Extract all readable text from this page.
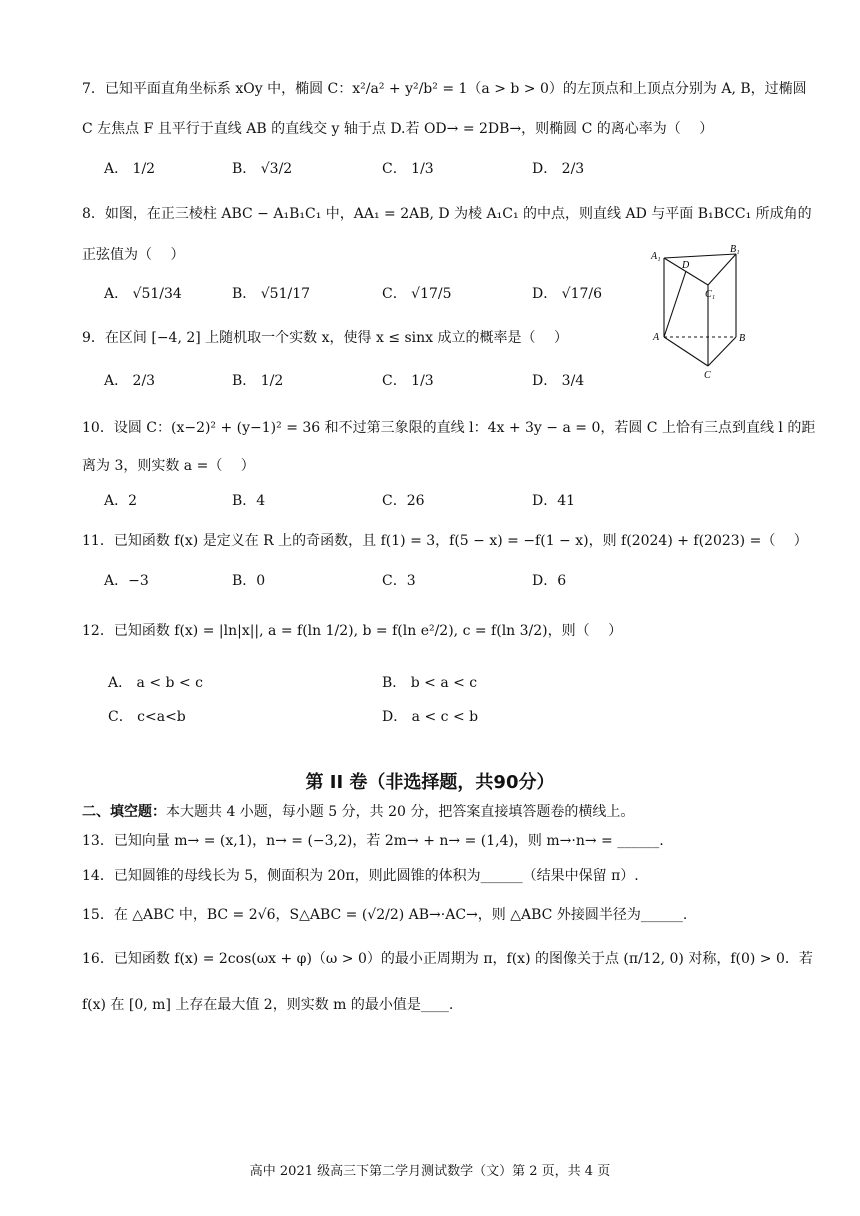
7．已知平面直角坐标系 xOy 中，椭圆 C：x²/a² + y²/b² = 1（a > b > 0）的左顶点和上顶点分别为 A, B，过椭圆
C 左焦点 F 且平行于直线 AB 的直线交 y 轴于点 D.若 OD→ = 2DB→，则椭圆 C 的离心率为（　 ）
A． 1/2	B． √3/2	C． 1/3	D． 2/3
8．如图，在正三棱柱 ABC − A₁B₁C₁ 中，AA₁ = 2AB, D 为棱 A₁C₁ 的中点，则直线 AD 与平面 B₁BCC₁ 所成角的
正弦值为（　 ）
A． √51/34	B． √51/17	C． √17/5	D． √17/6
A₁
D
B₁
C₁
A	B
C
9．在区间 [−4, 2] 上随机取一个实数 x，使得 x ≤ sinx 成立的概率是（　 ）
A． 2/3	B． 1/2	C． 1/3	D． 3/4
10．设圆 C：(x−2)² + (y−1)² = 36 和不过第三象限的直线 l：4x + 3y − a = 0，若圆 C 上恰有三点到直线 l 的距
离为 3，则实数 a =（　 ）
A．2	B．4	C．26	D．41
11．已知函数 f(x) 是定义在 R 上的奇函数，且 f(1) = 3，f(5 − x) = −f(1 − x)，则 f(2024) + f(2023) =（　 ）
A．−3	B．0	C．3	D．6
12．已知函数 f(x) = |ln|x||, a = f(ln 1/2), b = f(ln e²/2), c = f(ln 3/2)，则（　 ）
A． a < b < c	B． b < a < c
C． c<a<b	D． a < c < b
第 II 卷（非选择题，共90分）
二、填空题：本大题共 4 小题，每小题 5 分，共 20 分，把答案直接填答题卷的横线上。
13．已知向量 m→ = (x,1)，n→ = (−3,2)，若 2m→ + n→ = (1,4)，则 m→·n→ = ______.
14．已知圆锥的母线长为 5，侧面积为 20π，则此圆锥的体积为______（结果中保留 π）.
15．在 △ABC 中，BC = 2√6，S△ABC = (√2/2) AB→·AC→，则 △ABC 外接圆半径为______.
16．已知函数 f(x) = 2cos(ωx + φ)（ω > 0）的最小正周期为 π，f(x) 的图像关于点 (π/12, 0) 对称，f(0) > 0．若
f(x) 在 [0, m] 上存在最大值 2，则实数 m 的最小值是____.
高中 2021 级高三下第二学月测试数学（文）第 2 页，共 4 页
